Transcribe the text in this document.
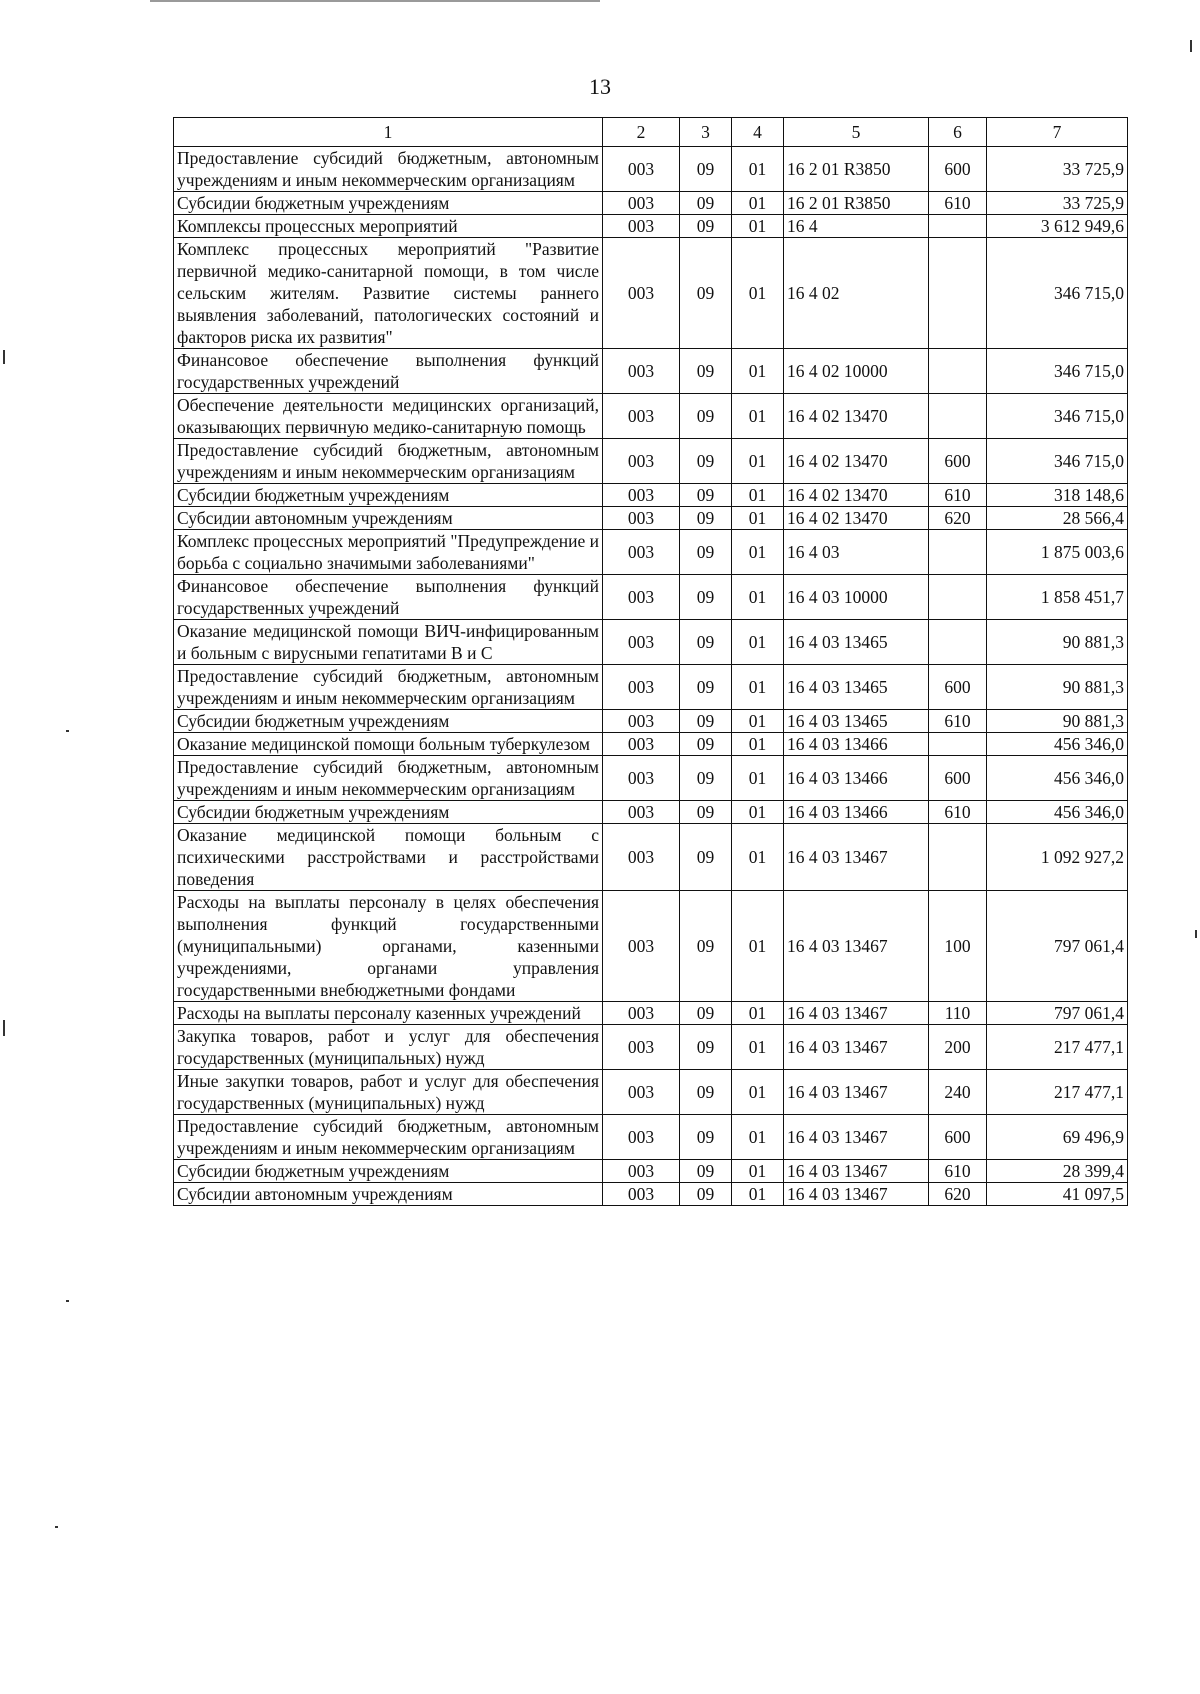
13
1	2	3	4	5	6	7
Предоставление субсидий бюджетным, автономным учреждениям и иным некоммерческим организациям	003	09	01	16 2 01 R3850	600	33 725,9
Субсидии бюджетным учреждениям	003	09	01	16 2 01 R3850	610	33 725,9
Комплексы процессных мероприятий	003	09	01	16 4		3 612 949,6
Комплекс процессных мероприятий "Развитие первичной медико-санитарной помощи, в том числе сельским жителям. Развитие системы раннего выявления заболеваний, патологических состояний и факторов риска их развития"	003	09	01	16 4 02		346 715,0
Финансовое обеспечение выполнения функций государственных учреждений	003	09	01	16 4 02 10000		346 715,0
Обеспечение деятельности медицинских организаций, оказывающих первичную медико-санитарную помощь	003	09	01	16 4 02 13470		346 715,0
Предоставление субсидий бюджетным, автономным учреждениям и иным некоммерческим организациям	003	09	01	16 4 02 13470	600	346 715,0
Субсидии бюджетным учреждениям	003	09	01	16 4 02 13470	610	318 148,6
Субсидии автономным учреждениям	003	09	01	16 4 02 13470	620	28 566,4
Комплекс процессных мероприятий "Предупреждение и борьба с социально значимыми заболеваниями"	003	09	01	16 4 03		1 875 003,6
Финансовое обеспечение выполнения функций государственных учреждений	003	09	01	16 4 03 10000		1 858 451,7
Оказание медицинской помощи ВИЧ-инфицированным и больным с вирусными гепатитами В и С	003	09	01	16 4 03 13465		90 881,3
Предоставление субсидий бюджетным, автономным учреждениям и иным некоммерческим организациям	003	09	01	16 4 03 13465	600	90 881,3
Субсидии бюджетным учреждениям	003	09	01	16 4 03 13465	610	90 881,3
Оказание медицинской помощи больным туберкулезом	003	09	01	16 4 03 13466		456 346,0
Предоставление субсидий бюджетным, автономным учреждениям и иным некоммерческим организациям	003	09	01	16 4 03 13466	600	456 346,0
Субсидии бюджетным учреждениям	003	09	01	16 4 03 13466	610	456 346,0
Оказание медицинской помощи больным с психическими расстройствами и расстройствами поведения	003	09	01	16 4 03 13467		1 092 927,2
Расходы на выплаты персоналу в целях обеспечения выполнения функций государственными (муниципальными) органами, казенными учреждениями, органами управления государственными внебюджетными фондами	003	09	01	16 4 03 13467	100	797 061,4
Расходы на выплаты персоналу казенных учреждений	003	09	01	16 4 03 13467	110	797 061,4
Закупка товаров, работ и услуг для обеспечения государственных (муниципальных) нужд	003	09	01	16 4 03 13467	200	217 477,1
Иные закупки товаров, работ и услуг для обеспечения государственных (муниципальных) нужд	003	09	01	16 4 03 13467	240	217 477,1
Предоставление субсидий бюджетным, автономным учреждениям и иным некоммерческим организациям	003	09	01	16 4 03 13467	600	69 496,9
Субсидии бюджетным учреждениям	003	09	01	16 4 03 13467	610	28 399,4
Субсидии автономным учреждениям	003	09	01	16 4 03 13467	620	41 097,5
